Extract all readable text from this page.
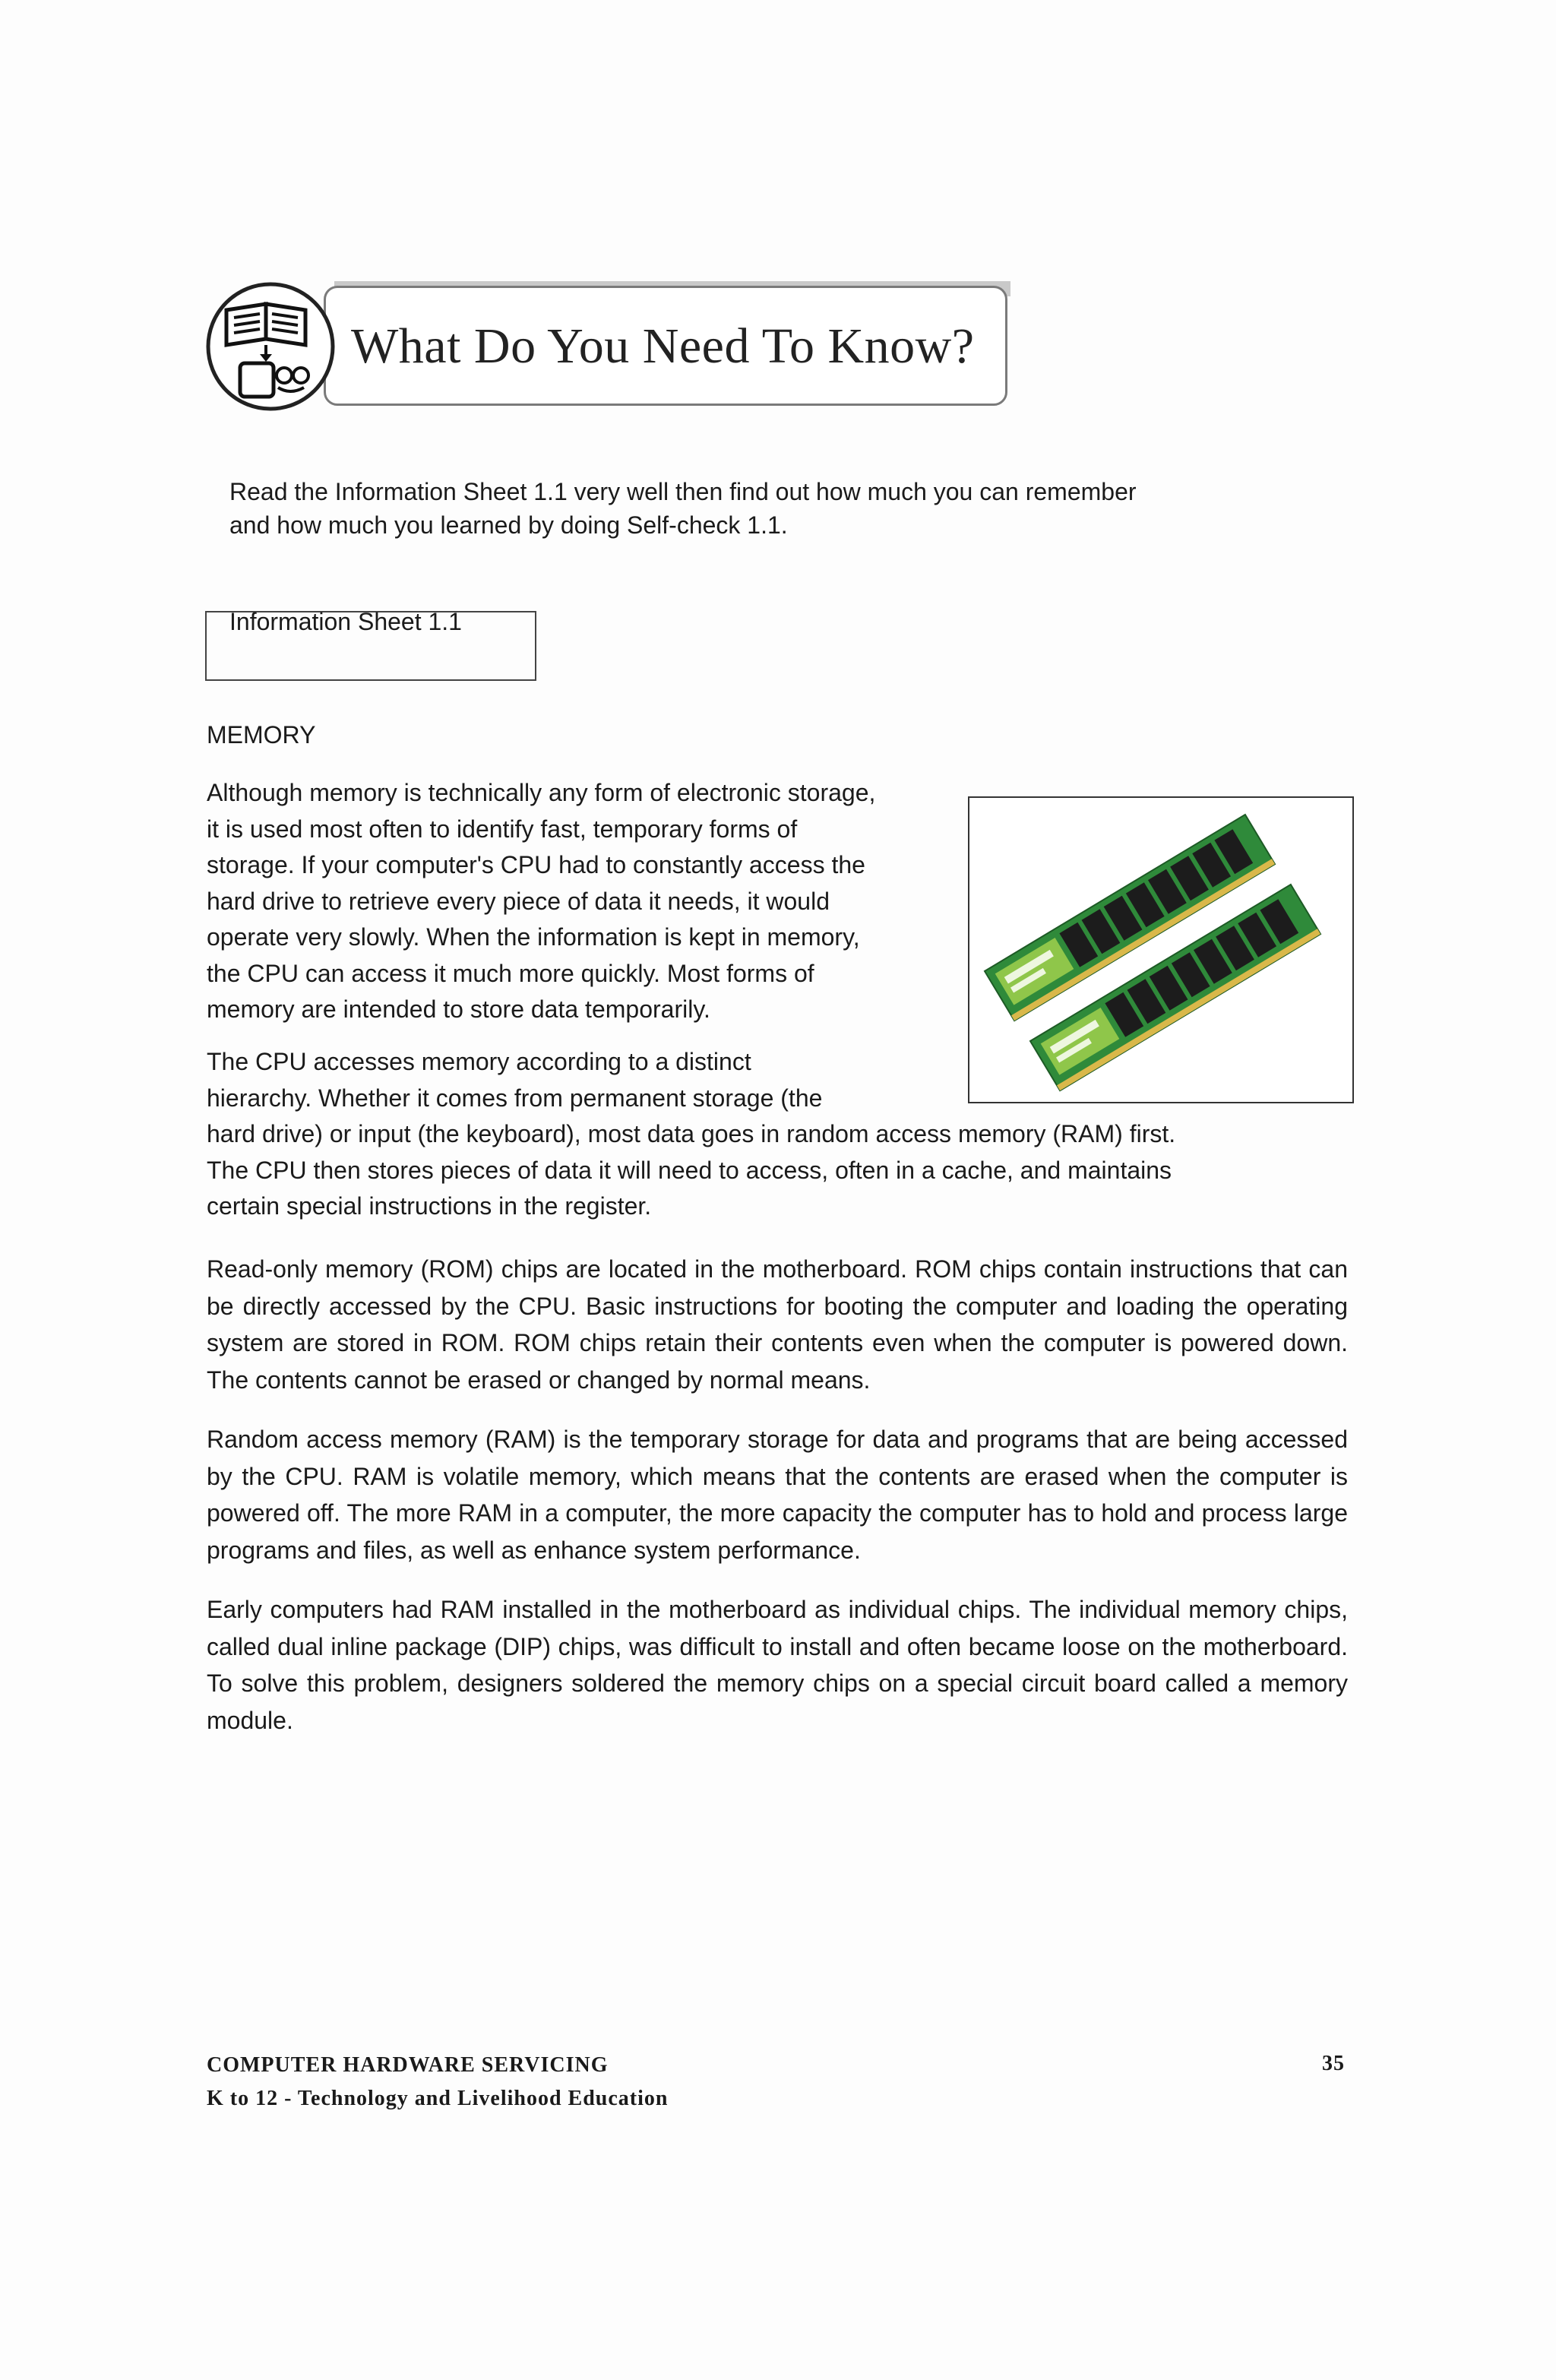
What Do You Need To Know?
Read the Information Sheet 1.1 very well then find out how much you can remember
and how much you learned by doing Self-check 1.1.
Information Sheet 1.1
MEMORY
Although memory is technically any form of electronic storage,
it is used most often to identify fast, temporary forms of
storage. If your computer's CPU had to constantly access the
hard drive to retrieve every piece of data it needs, it would
operate very slowly. When the information is kept in memory,
the CPU can access it much more quickly. Most forms of
memory are intended to store data temporarily.
The CPU accesses memory according to a distinct
hierarchy. Whether it comes from permanent storage (the
hard drive) or input (the keyboard), most data goes in random access memory (RAM) first.
The CPU then stores pieces of data it will need to access, often in a cache, and maintains
certain special instructions in the register.

Read-only memory (ROM) chips are located in the motherboard. ROM chips contain instructions that can be directly accessed by the CPU. Basic instructions for booting the computer and loading the operating system are stored in ROM. ROM chips retain their contents even when the computer is powered down. The contents cannot be erased or changed by normal means.

Random access memory (RAM) is the temporary storage for data and programs that are being accessed by the CPU. RAM is volatile memory, which means that the contents are erased when the computer is powered off. The more RAM in a computer, the more capacity the computer has to hold and process large programs and files, as well as enhance system performance.

Early computers had RAM installed in the motherboard as individual chips. The individual memory chips, called dual inline package (DIP) chips, was difficult to install and often became loose on the motherboard. To solve this problem, designers soldered the memory chips on a special circuit board called a memory module.

COMPUTER HARDWARE SERVICING
K to 12 - Technology and Livelihood Education
35
